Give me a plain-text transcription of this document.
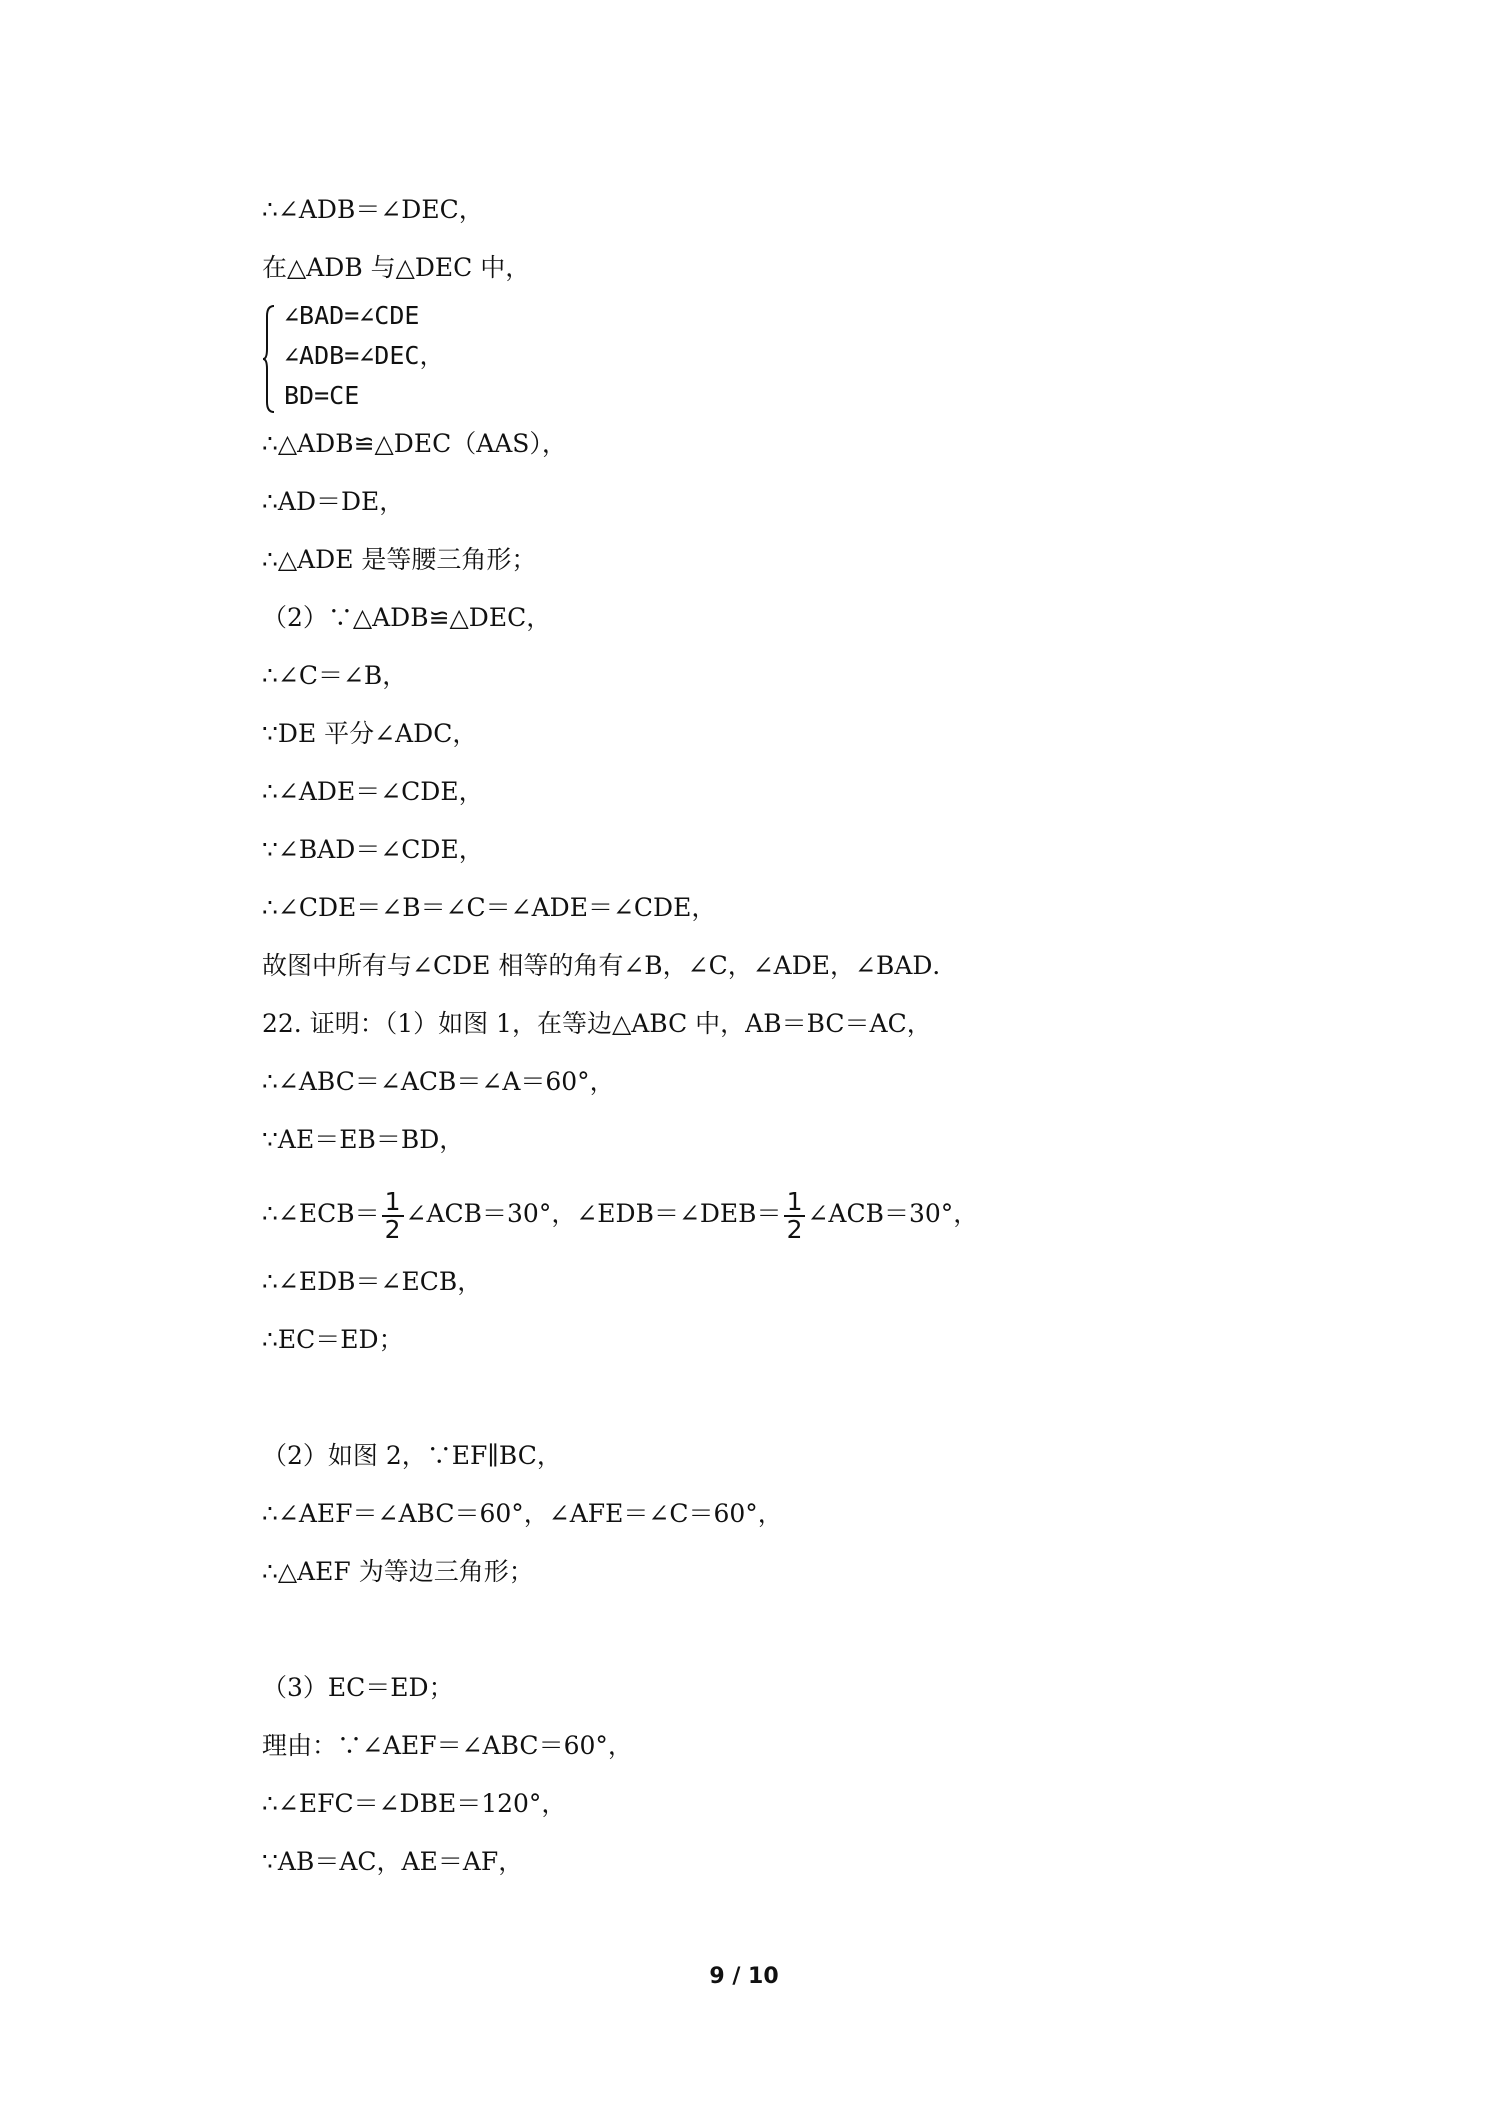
∴∠ADB＝∠DEC，
在△ADB 与△DEC 中，
∠BAD=∠CDE
∠ADB=∠DEC，
BD=CE
∴△ADB≌△DEC（AAS），
∴AD＝DE，
∴△ADE 是等腰三角形；
（2）∵△ADB≌△DEC，
∴∠C＝∠B，
∵DE 平分∠ADC，
∴∠ADE＝∠CDE，
∵∠BAD＝∠CDE，
∴∠CDE＝∠B＝∠C＝∠ADE＝∠CDE，
故图中所有与∠CDE 相等的角有∠B，∠C，∠ADE，∠BAD．
22. 证明：（1）如图 1，在等边△ABC 中，AB＝BC＝AC，
∴∠ABC＝∠ACB＝∠A＝60°，
∵AE＝EB＝BD，
∴∠ECB＝ $\frac{1}{2}$ ∠ACB＝30°，∠EDB＝∠DEB＝ $\frac{1}{2}$ ∠ACB＝30°，
∴∠EDB＝∠ECB，
∴EC＝ED；
（2）如图 2，∵EF∥BC，
∴∠AEF＝∠ABC＝60°，∠AFE＝∠C＝60°，
∴△AEF 为等边三角形；
（3）EC＝ED；
理由：∵∠AEF＝∠ABC＝60°，
∴∠EFC＝∠DBE＝120°，
∵AB＝AC，AE＝AF，
9 / 10
